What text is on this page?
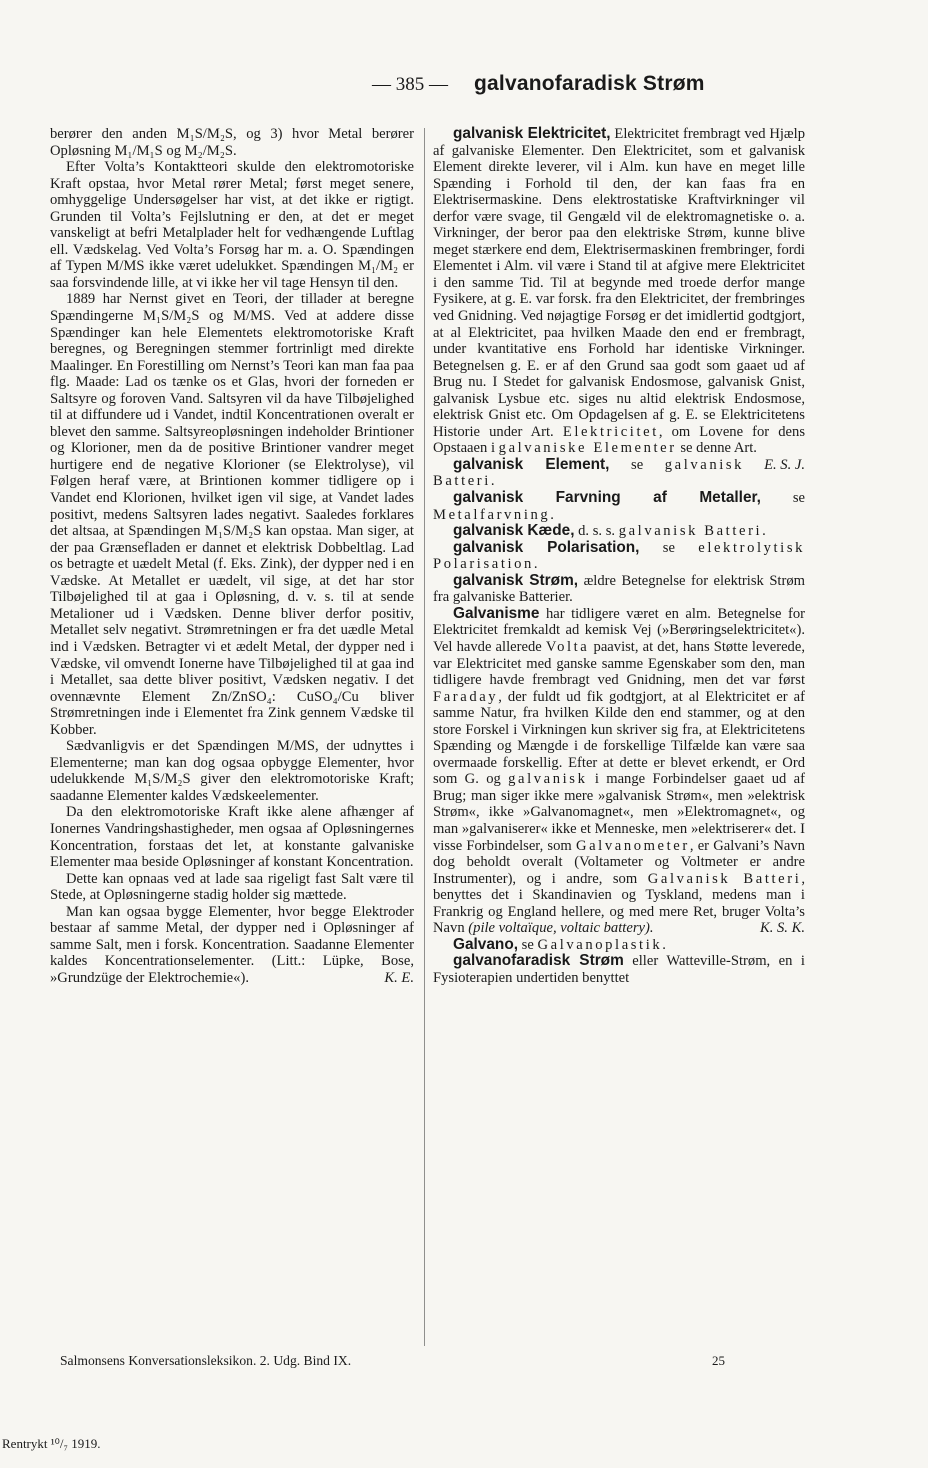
— 385 — galvanofaradisk Strøm

berører den anden M₁S/M₂S, og 3) hvor Metal berører Opløsning M₁/M₁S og M₂/M₂S.

Efter Volta’s Kontaktteori skulde den elektromotoriske Kraft opstaa, hvor Metal rører Metal; først meget senere, omhyggelige Undersøgelser har vist, at det ikke er rigtigt. Grunden til Volta’s Fejlslutning er den, at det er meget vanskeligt at befri Metalplader helt for vedhængende Luftlag ell. Vædskelag. Ved Volta’s Forsøg har m. a. O. Spændingen af Typen M/MS ikke været udelukket. Spændingen M₁/M₂ er saa forsvindende lille, at vi ikke her vil tage Hensyn til den.

1889 har Nernst givet en Teori, der tillader at beregne Spændingerne M₁S/M₂S og M/MS. Ved at addere disse Spændinger kan hele Elementets elektromotoriske Kraft beregnes, og Beregningen stemmer fortrinligt med direkte Maalinger. En Forestilling om Nernst’s Teori kan man faa paa flg. Maade: Lad os tænke os et Glas, hvori der forneden er Saltsyre og foroven Vand. Saltsyren vil da have Tilbøjelighed til at diffundere ud i Vandet, indtil Koncentrationen overalt er blevet den samme. Saltsyreopløsningen indeholder Brintioner og Klorioner, men da de positive Brintioner vandrer meget hurtigere end de negative Klorioner (se Elektrolyse), vil Følgen heraf være, at Brintionen kommer tidligere op i Vandet end Klorionen, hvilket igen vil sige, at Vandet lades positivt, medens Saltsyren lades negativt. Saaledes forklares det altsaa, at Spændingen M₁S/M₂S kan opstaa. Man siger, at der paa Grænsefladen er dannet et elektrisk Dobbeltlag. Lad os betragte et uædelt Metal (f. Eks. Zink), der dypper ned i en Vædske. At Metallet er uædelt, vil sige, at det har stor Tilbøjelighed til at gaa i Opløsning, d. v. s. til at sende Metalioner ud i Vædsken. Denne bliver derfor positiv, Metallet selv negativt. Strømretningen er fra det uædle Metal ind i Vædsken. Betragter vi et ædelt Metal, der dypper ned i Vædske, vil omvendt Ionerne have Tilbøjelighed til at gaa ind i Metallet, saa dette bliver positivt, Vædsken negativ. I det ovennævnte Element Zn/ZnSO₄: CuSO₄/Cu bliver Strømretningen inde i Elementet fra Zink gennem Vædske til Kobber.

Sædvanligvis er det Spændingen M/MS, der udnyttes i Elementerne; man kan dog ogsaa opbygge Elementer, hvor udelukkende M₁S/M₂S giver den elektromotoriske Kraft; saadanne Elementer kaldes Vædskeelementer.

Da den elektromotoriske Kraft ikke alene afhænger af Ionernes Vandringshastigheder, men ogsaa af Opløsningernes Koncentration, forstaas det let, at konstante galvaniske Elementer maa beside Opløsninger af konstant Koncentration.

Dette kan opnaas ved at lade saa rigeligt fast Salt være til Stede, at Opløsningerne stadig holder sig mættede.

Man kan ogsaa bygge Elementer, hvor begge Elektroder bestaar af samme Metal, der dypper ned i Opløsninger af samme Salt, men i forsk. Koncentration. Saadanne Elementer kaldes Koncentrationselementer. (Litt.: Lüpke, Bose, »Grundzüge der Elektrochemie«).	K. E.

galvanisk Elektricitet, Elektricitet frembragt ved Hjælp af galvaniske Elementer. Den Elektricitet, som et galvanisk Element direkte leverer, vil i Alm. kun have en meget lille Spænding i Forhold til den, der kan faas fra en Elektrisermaskine. Dens elektrostatiske Kraftvirkninger vil derfor være svage, til Gengæld vil de elektromagnetiske o. a. Virkninger, der beror paa den elektriske Strøm, kunne blive meget stærkere end dem, Elektrisermaskinen frembringer, fordi Elementet i Alm. vil være i Stand til at afgive mere Elektricitet i den samme Tid. Til at begynde med troede derfor mange Fysikere, at g. E. var forsk. fra den Elektricitet, der frembringes ved Gnidning. Ved nøjagtige Forsøg er det imidlertid godtgjort, at al Elektricitet, paa hvilken Maade den end er frembragt, under kvantitative ens Forhold har identiske Virkninger. Betegnelsen g. E. er af den Grund saa godt som gaaet ud af Brug nu. I Stedet for galvanisk Endosmose, galvanisk Gnist, galvanisk Lysbue etc. siges nu altid elektrisk Endosmose, elektrisk Gnist etc. Om Opdagelsen af g. E. se Elektricitetens Historie under Art. Elektricitet, om Lovene for dens Opstaaen i galvaniske Elementer se denne Art.
E. S. J.

galvanisk Element, se galvanisk Batteri.

galvanisk Farvning af Metaller, se Metalfarvning.

galvanisk Kæde, d. s. s. galvanisk Batteri.

galvanisk Polarisation, se elektrolytisk Polarisation.

galvanisk Strøm, ældre Betegnelse for elektrisk Strøm fra galvaniske Batterier.

Galvanisme har tidligere været en alm. Betegnelse for Elektricitet fremkaldt ad kemisk Vej (»Berøringselektricitet«). Vel havde allerede Volta paavist, at det, hans Støtte leverede, var Elektricitet med ganske samme Egenskaber som den, man tidligere havde frembragt ved Gnidning, men det var først Faraday, der fuldt ud fik godtgjort, at al Elektricitet er af samme Natur, fra hvilken Kilde den end stammer, og at den store Forskel i Virkningen kun skriver sig fra, at Elektricitetens Spænding og Mængde i de forskellige Tilfælde kan være saa overmaade forskellig. Efter at dette er blevet erkendt, er Ord som G. og galvanisk i mange Forbindelser gaaet ud af Brug; man siger ikke mere »galvanisk Strøm«, men »elektrisk Strøm«, ikke »Galvanomagnet«, men »Elektromagnet«, og man »galvaniserer« ikke et Menneske, men »elektriserer« det. I visse Forbindelser, som Galvanometer, er Galvani’s Navn dog beholdt overalt (Voltameter og Voltmeter er andre Instrumenter), og i andre, som Galvanisk Batteri, benyttes det i Skandinavien og Tyskland, medens man i Frankrig og England hellere, og med mere Ret, bruger Volta’s Navn (pile voltaïque, voltaic battery).	K. S. K.

Galvano, se Galvanoplastik.

galvanofaradisk Strøm eller Watteville-Strøm, en i Fysioterapien undertiden benyttet

Salmonsens Konversationsleksikon. 2. Udg. Bind IX.	25
Rentrykt ¹⁰/₇ 1919.
